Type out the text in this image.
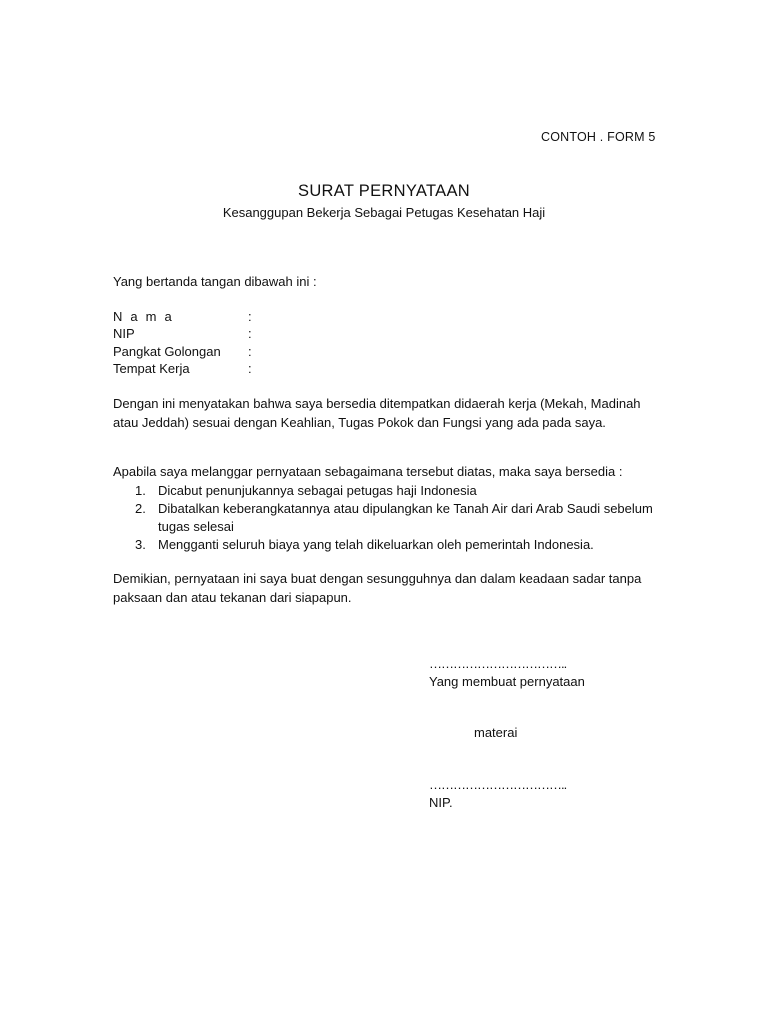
CONTOH . FORM 5
SURAT PERNYATAAN
Kesanggupan Bekerja Sebagai Petugas Kesehatan Haji
Yang bertanda tangan dibawah ini :
N a m a	:
NIP	:
Pangkat Golongan :
Tempat Kerja	:
Dengan ini menyatakan bahwa saya bersedia ditempatkan didaerah kerja (Mekah, Madinah atau Jeddah) sesuai dengan Keahlian, Tugas Pokok dan Fungsi yang ada pada saya.
Apabila saya melanggar pernyataan sebagaimana tersebut diatas, maka saya bersedia :
1. Dicabut penunjukannya sebagai petugas haji Indonesia
2. Dibatalkan keberangkatannya atau dipulangkan ke Tanah Air dari Arab Saudi sebelum tugas selesai
3. Mengganti seluruh biaya yang telah dikeluarkan oleh pemerintah Indonesia.
Demikian, pernyataan ini saya buat dengan sesungguhnya dan dalam keadaan sadar tanpa paksaan dan atau tekanan dari siapapun.
……………………………..
Yang membuat pernyataan
materai
……………………………..
NIP.
